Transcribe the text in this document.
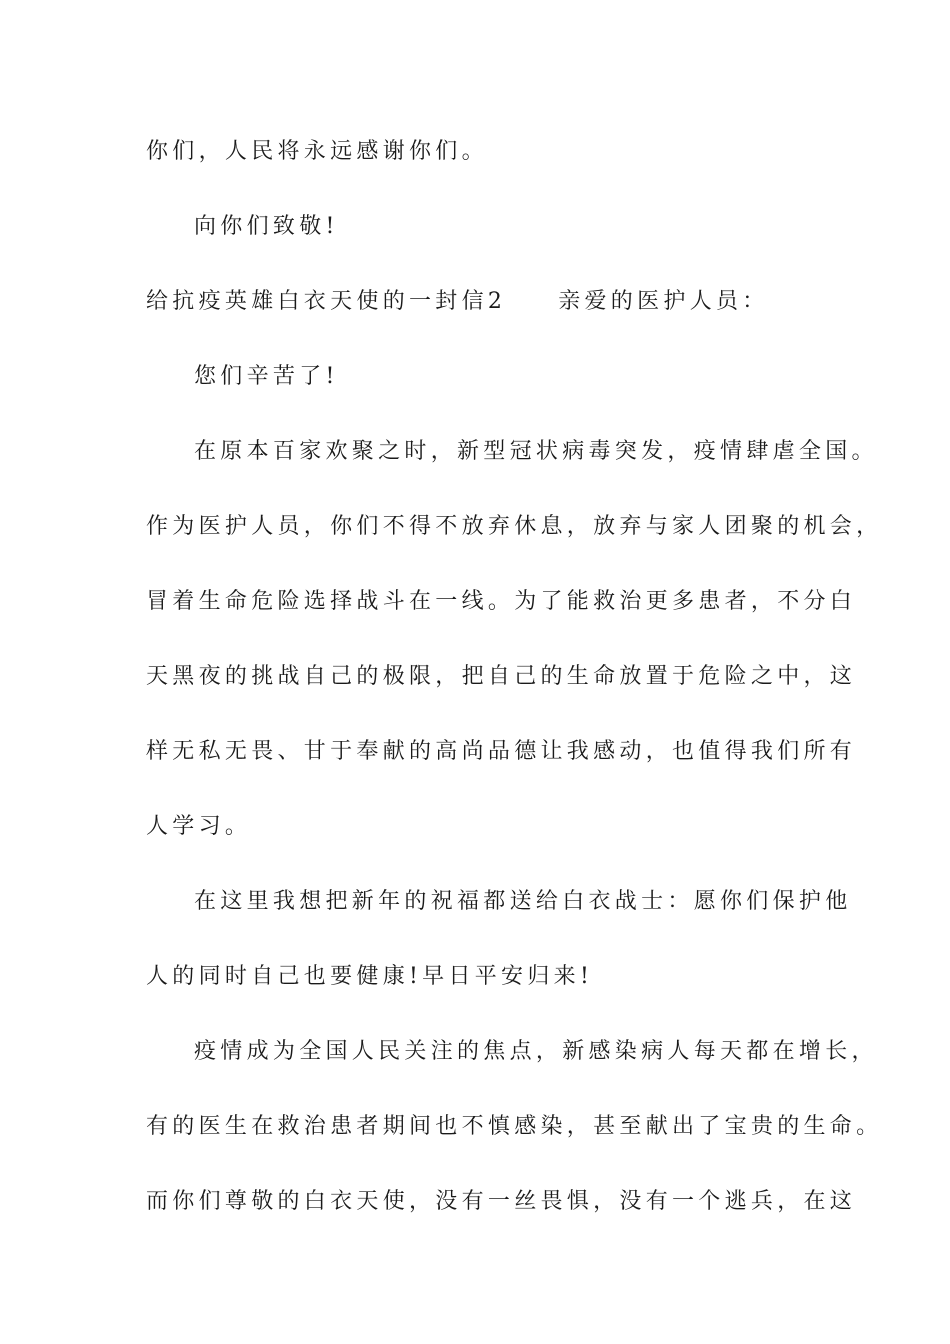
你们，人民将永远感谢你们。
向你们致敬!
给抗疫英雄白衣天使的一封信2 亲爱的医护人员：
您们辛苦了!
在原本百家欢聚之时，新型冠状病毒突发，疫情肆虐全国。
作为医护人员，你们不得不放弃休息，放弃与家人团聚的机会，
冒着生命危险选择战斗在一线。为了能救治更多患者，不分白
天黑夜的挑战自己的极限，把自己的生命放置于危险之中，这
样无私无畏、甘于奉献的高尚品德让我感动，也值得我们所有
人学习。
在这里我想把新年的祝福都送给白衣战士：愿你们保护他
人的同时自己也要健康!早日平安归来!
疫情成为全国人民关注的焦点，新感染病人每天都在增长，
有的医生在救治患者期间也不慎感染，甚至献出了宝贵的生命。
而你们尊敬的白衣天使，没有一丝畏惧，没有一个逃兵，在这
